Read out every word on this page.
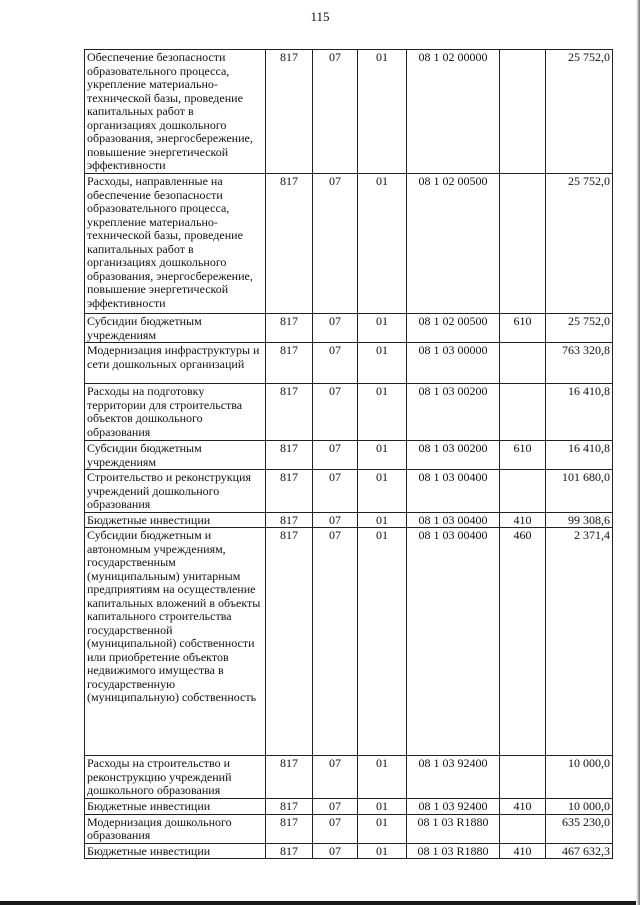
115
Обеспечение безопасности образовательного процесса, укрепление материально-технической базы, проведение капитальных работ в организациях дошкольного образования, энергосбережение, повышение энергетической эффективности	817	07	01	08 1 02 00000		25 752,0
Расходы, направленные на обеспечение безопасности образовательного процесса, укрепление материально-технической базы, проведение капитальных работ в организациях дошкольного образования, энергосбережение, повышение энергетической эффективности	817	07	01	08 1 02 00500		25 752,0
Субсидии бюджетным учреждениям	817	07	01	08 1 02 00500	610	25 752,0
Модернизация инфраструктуры и сети дошкольных организаций	817	07	01	08 1 03 00000		763 320,8
Расходы на подготовку территории для строительства объектов дошкольного образования	817	07	01	08 1 03 00200		16 410,8
Субсидии бюджетным учреждениям	817	07	01	08 1 03 00200	610	16 410,8
Строительство и реконструкция учреждений дошкольного образования	817	07	01	08 1 03 00400		101 680,0
Бюджетные инвестиции	817	07	01	08 1 03 00400	410	99 308,6
Субсидии бюджетным и автономным учреждениям, государственным (муниципальным) унитарным предприятиям на осуществление капитальных вложений в объекты капитального строительства государственной (муниципальной) собственности или приобретение объектов недвижимого имущества в государственную (муниципальную) собственность	817	07	01	08 1 03 00400	460	2 371,4
Расходы на строительство и реконструкцию учреждений дошкольного образования	817	07	01	08 1 03 92400		10 000,0
Бюджетные инвестиции	817	07	01	08 1 03 92400	410	10 000,0
Модернизация дошкольного образования	817	07	01	08 1 03 R1880		635 230,0
Бюджетные инвестиции	817	07	01	08 1 03 R1880	410	467 632,3
